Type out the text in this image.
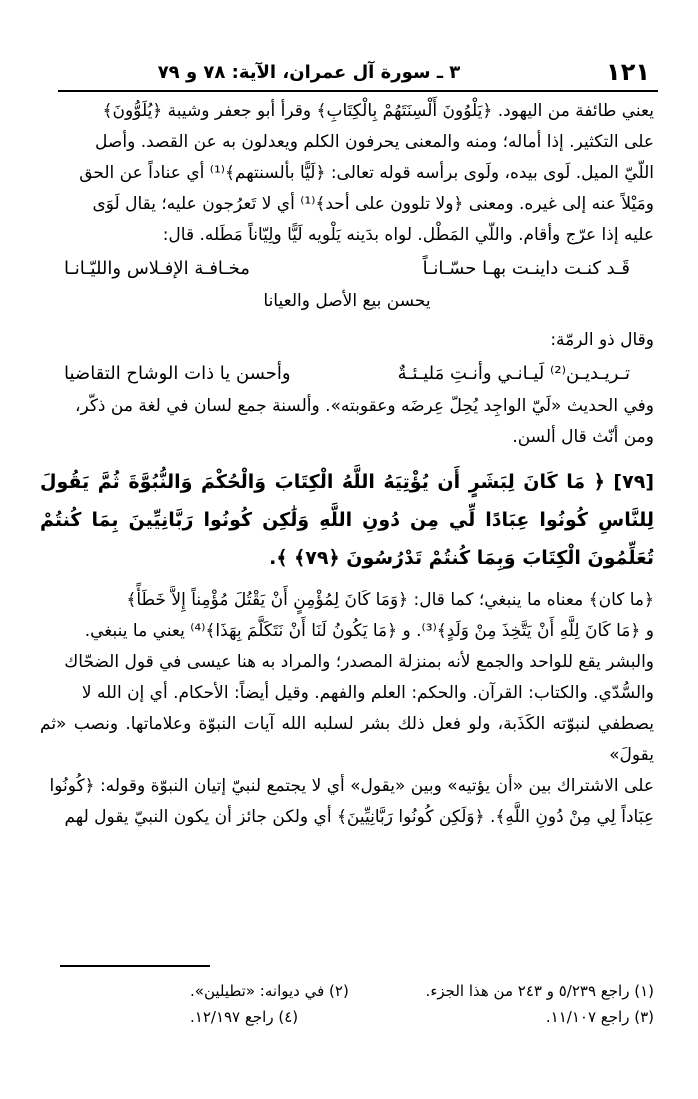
١٢١
٣ ـ سورة آل عمران، الآية: ٧٨ و ٧٩

يعني طائفة من اليهود. ﴿يَلْوُونَ أَلْسِنَتَهُمْ بِالْكِتَابِ﴾ وقرأ أبو جعفر وشيبة ﴿يُلَوُّونَ﴾

على التكثير. إذا أماله؛ ومنه والمعنى يحرفون الكلم ويعدلون به عن القصد. وأصل

اللّيّ الميل. لَوى بيده، ولَوى برأسه قوله تعالى: ﴿لَيًّا بألسنتهم﴾⁽¹⁾ أي عناداً عن الحق

ومَيْلاً عنه إلى غيره. ومعنى ﴿ولا تلوون على أحد﴾⁽¹⁾ أي لا تَعرُجون عليه؛ يقال لَوَى

عليه إذا عرّج وأقام. واللّي المَطْل. لواه بدَينه يَلْويه لَيًّا ولِيّاناً مَطَله. قال:

قَـد كنـت داينـت بهـا حسّـانـاً
مخـافـة الإفـلاس والليّـانـا

يحسن بيع الأصل والعيانا

وقال ذو الرمّة:

تـريـديـن⁽²⁾ لَيـانـي وأنـتِ مَليـئـةٌ
وأحسن يا ذات الوشاح التقاضيا

وفي الحديث «لَيّ الواجِد يُحِلّ عِرضَه وعقوبته». وألسنة جمع لسان في لغة من ذكّر،

ومن أنّث قال ألسن.

[٧٩] ﴿ مَا كَانَ لِبَشَرٍ أَن يُؤْتِيَهُ اللَّهُ الْكِتَابَ وَالْحُكْمَ وَالنُّبُوَّةَ ثُمَّ يَقُولَ لِلنَّاسِ كُونُوا عِبَادًا لِّي مِن دُونِ اللَّهِ وَلَٰكِن كُونُوا رَبَّانِيِّينَ بِمَا كُنتُمْ تُعَلِّمُونَ الْكِتَابَ وَبِمَا كُنتُمْ تَدْرُسُونَ ﴿٧٩﴾ ﴾.

﴿ما كان﴾ معناه ما ينبغي؛ كما قال: ﴿وَمَا كَانَ لِمُؤْمِنٍ أَنْ يَقْتُلَ مُؤْمِناً إِلاَّ خَطَأً﴾

و ﴿مَا كَانَ لِلَّهِ أَنْ يَتَّخِذَ مِنْ وَلَدٍ﴾⁽³⁾. و ﴿مَا يَكُونُ لَنَا أَنْ نَتَكَلَّمَ بِهَذَا﴾⁽⁴⁾ يعني ما ينبغي.

والبشر يقع للواحد والجمع لأنه بمنزلة المصدر؛ والمراد به هنا عيسى في قول الضحّاك

والسُّدّي. والكتاب: القرآن. والحكم: العلم والفهم. وقيل أيضاً: الأحكام. أي إن الله لا

يصطفي لنبوّته الكَذَبة، ولو فعل ذلك بشر لسلبه الله آيات النبوّة وعلاماتها. ونصب «ثم يقولَ»

على الاشتراك بين «أن يؤتيه» وبين «يقول» أي لا يجتمع لنبيّ إتيان النبوّة وقوله: ﴿كُونُوا

عِبَاداً لِي مِنْ دُونِ اللَّهِ﴾. ﴿وَلَكِن كُونُوا رَبَّانِيِّينَ﴾ أي ولكن جائز أن يكون النبيّ يقول لهم

(١) راجع ٥/٢٣٩ و ٢٤٣ من هذا الجزء.
(٢) في ديوانه: «تطيلين».
(٣) راجع ١١/١٠٧.
(٤) راجع ١٢/١٩٧.
